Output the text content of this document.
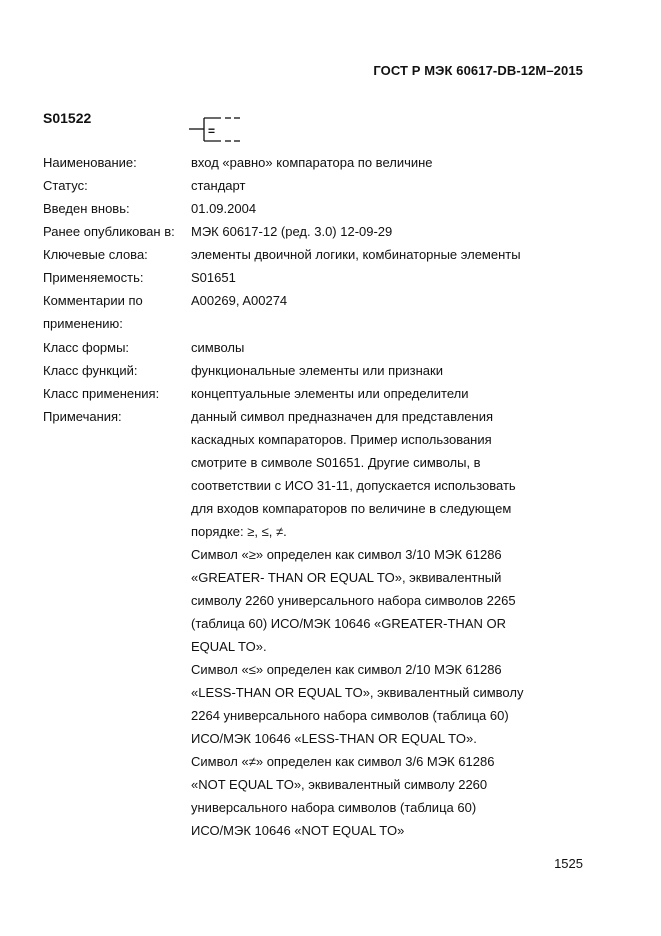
ГОСТ Р МЭК 60617-DB-12M–2015
S01522
=
Наименование:	вход «равно» компаратора по величине
Статус:	стандарт
Введен вновь:	01.09.2004
Ранее опубликован в:	МЭК 60617-12 (ред. 3.0) 12-09-29
Ключевые слова:	элементы двоичной логики, комбинаторные элементы
Применяемость:	S01651
Комментарии по	A00269, A00274
применению:
Класс формы:	символы
Класс функций:	функциональные элементы или признаки
Класс применения:	концептуальные элементы или определители
Примечания:	данный символ предназначен для представления
каскадных компараторов. Пример использования
смотрите в символе S01651. Другие символы, в
соответствии с ИСО 31-11, допускается использовать
для входов компараторов по величине в следующем
порядке: ≥, ≤, ≠.
Символ «≥» определен как символ 3/10 МЭК 61286
«GREATER- THAN OR EQUAL TO», эквивалентный
символу 2260 универсального набора символов 2265
(таблица 60) ИСО/МЭК 10646 «GREATER-THAN OR
EQUAL TO».
Символ «≤» определен как символ 2/10 МЭК 61286
«LESS-THAN OR EQUAL TO», эквивалентный символу
2264 универсального набора символов (таблица 60)
ИСО/МЭК 10646 «LESS-THAN OR EQUAL TO».
Символ «≠» определен как символ 3/6 МЭК 61286
«NOT EQUAL TO», эквивалентный символу 2260
универсального набора символов (таблица 60)
ИСО/МЭК 10646 «NOT EQUAL TO»
1525
